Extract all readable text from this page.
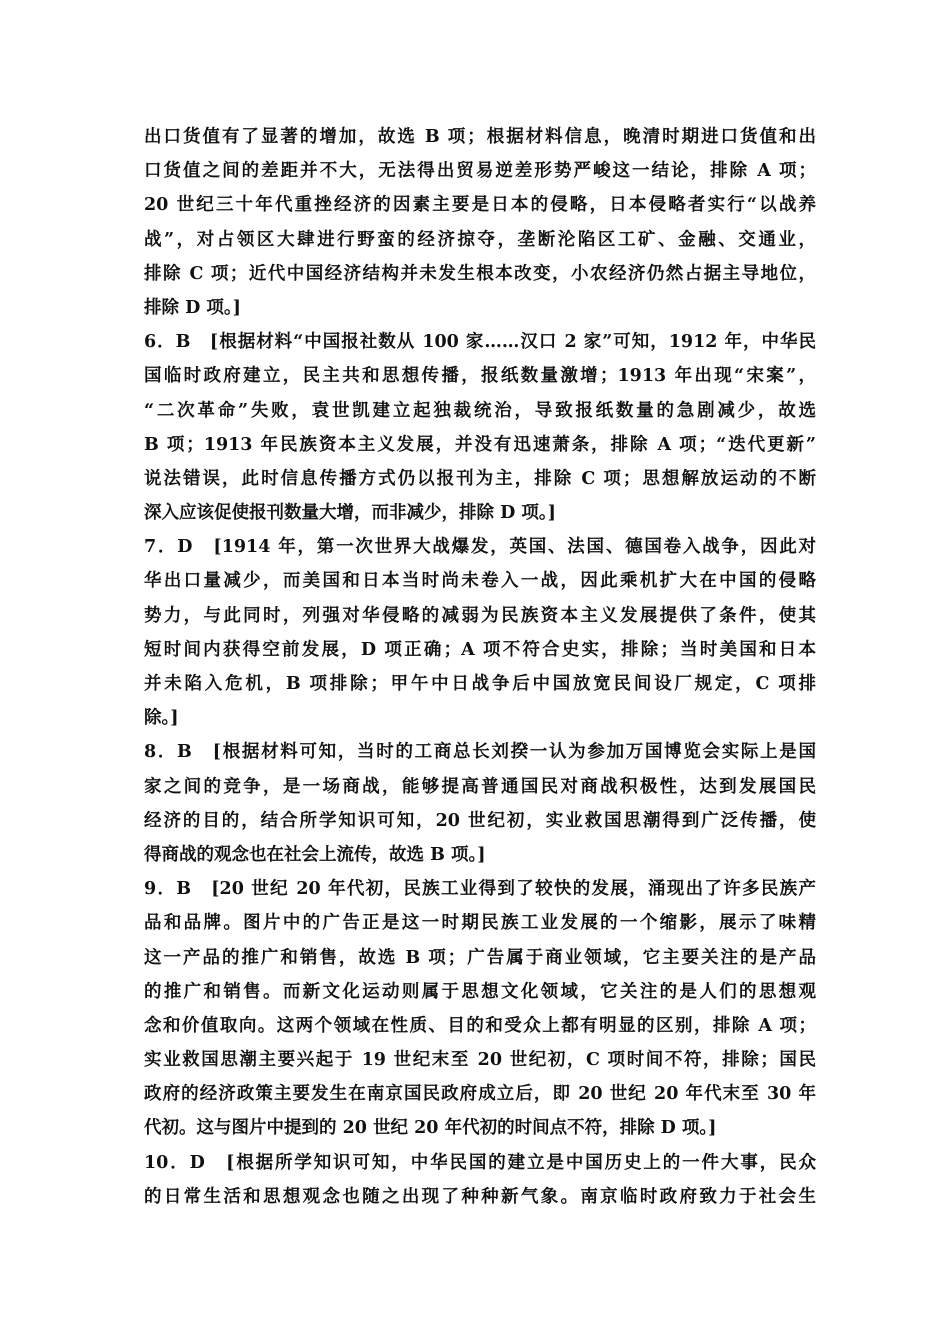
出口货值有了显著的增加，故选 B 项；根据材料信息，晚清时期进口货值和出
口货值之间的差距并不大，无法得出贸易逆差形势严峻这一结论，排除 A 项；
20 世纪三十年代重挫经济的因素主要是日本的侵略，日本侵略者实行“以战养
战”，对占领区大肆进行野蛮的经济掠夺，垄断沦陷区工矿、金融、交通业，
排除 C 项；近代中国经济结构并未发生根本改变，小农经济仍然占据主导地位，
排除 D 项。]
6．B　[根据材料“中国报社数从 100 家……汉口 2 家”可知，1912 年，中华民
国临时政府建立，民主共和思想传播，报纸数量激增；1913 年出现“宋案”，
“二次革命”失败，袁世凯建立起独裁统治，导致报纸数量的急剧减少，故选
B 项；1913 年民族资本主义发展，并没有迅速萧条，排除 A 项；“迭代更新”
说法错误，此时信息传播方式仍以报刊为主，排除 C 项；思想解放运动的不断
深入应该促使报刊数量大增，而非减少，排除 D 项。]
7．D　[1914 年，第一次世界大战爆发，英国、法国、德国卷入战争，因此对
华出口量减少，而美国和日本当时尚未卷入一战，因此乘机扩大在中国的侵略
势力，与此同时，列强对华侵略的减弱为民族资本主义发展提供了条件，使其
短时间内获得空前发展，D 项正确；A 项不符合史实，排除；当时美国和日本
并未陷入危机，B 项排除；甲午中日战争后中国放宽民间设厂规定，C 项排
除。]
8．B　[根据材料可知，当时的工商总长刘揆一认为参加万国博览会实际上是国
家之间的竞争，是一场商战，能够提高普通国民对商战积极性，达到发展国民
经济的目的，结合所学知识可知，20 世纪初，实业救国思潮得到广泛传播，使
得商战的观念也在社会上流传，故选 B 项。]
9．B　[20 世纪 20 年代初，民族工业得到了较快的发展，涌现出了许多民族产
品和品牌。图片中的广告正是这一时期民族工业发展的一个缩影，展示了味精
这一产品的推广和销售，故选 B 项；广告属于商业领域，它主要关注的是产品
的推广和销售。而新文化运动则属于思想文化领域，它关注的是人们的思想观
念和价值取向。这两个领域在性质、目的和受众上都有明显的区别，排除 A 项；
实业救国思潮主要兴起于 19 世纪末至 20 世纪初，C 项时间不符，排除；国民
政府的经济政策主要发生在南京国民政府成立后，即 20 世纪 20 年代末至 30 年
代初。这与图片中提到的 20 世纪 20 年代初的时间点不符，排除 D 项。]
10．D　[根据所学知识可知，中华民国的建立是中国历史上的一件大事，民众
的日常生活和思想观念也随之出现了种种新气象。南京临时政府致力于社会生
